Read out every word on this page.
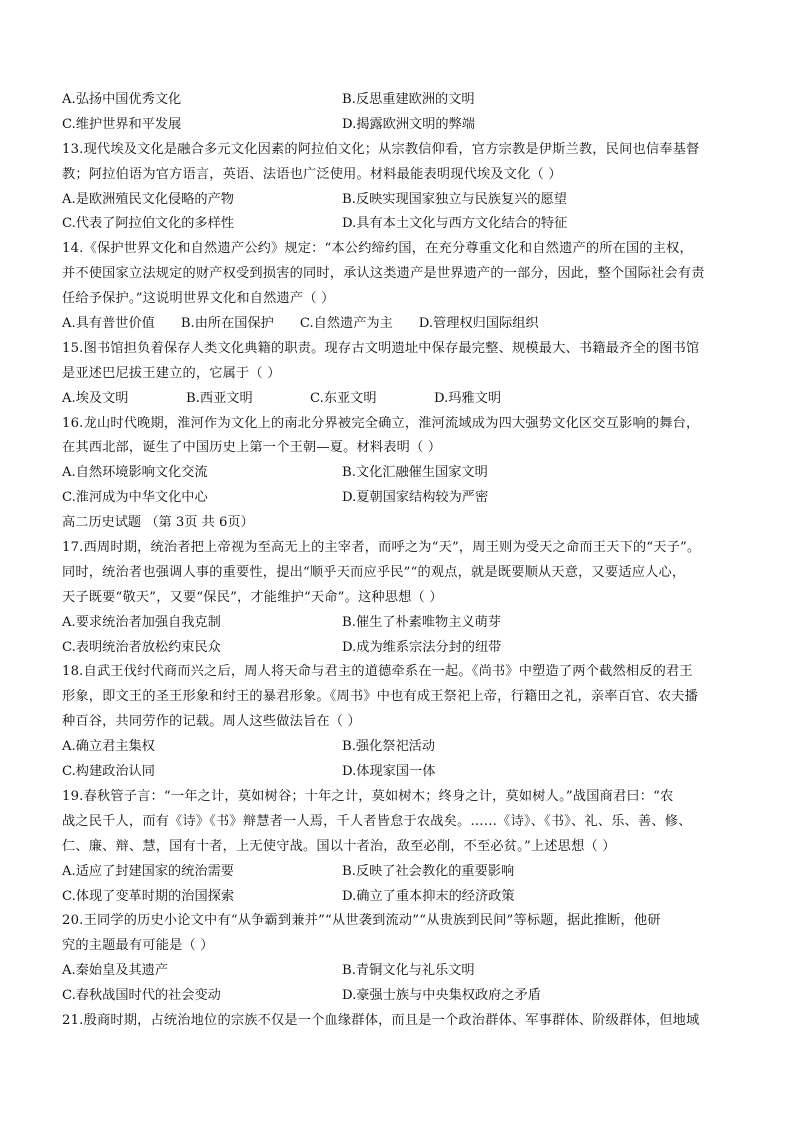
A.弘扬中国优秀文化	B.反思重建欧洲的文明
C.维护世界和平发展	D.揭露欧洲文明的弊端
13.现代埃及文化是融合多元文化因素的阿拉伯文化；从宗教信仰看，官方宗教是伊斯兰教，民间也信奉基督
教；阿拉伯语为官方语言，英语、法语也广泛使用。材料最能表明现代埃及文化（ ）
A.是欧洲殖民文化侵略的产物	B.反映实现国家独立与民族复兴的愿望
C.代表了阿拉伯文化的多样性	D.具有本土文化与西方文化结合的特征
14.《保护世界文化和自然遗产公约》规定：“本公约缔约国，在充分尊重文化和自然遗产的所在国的主权，
并不使国家立法规定的财产权受到损害的同时，承认这类遗产是世界遗产的一部分，因此，整个国际社会有责
任给予保护。”这说明世界文化和自然遗产（ ）
A.具有普世价值 B.由所在国保护 C.自然遗产为主 D.管理权归国际组织
15.图书馆担负着保存人类文化典籍的职责。现存古文明遗址中保存最完整、规模最大、书籍最齐全的图书馆
是亚述巴尼拔王建立的，它属于（ ）
A.埃及文明	B.西亚文明	C.东亚文明	D.玛雅文明
16.龙山时代晚期，淮河作为文化上的南北分界被完全确立，淮河流域成为四大强势文化区交互影响的舞台，
在其西北部，诞生了中国历史上第一个王朝—夏。材料表明（ ）
A.自然环境影响文化交流	B.文化汇融催生国家文明
C.淮河成为中华文化中心	D.夏朝国家结构较为严密
高二历史试题 （第 3页 共 6页）
17.西周时期，统治者把上帝视为至高无上的主宰者，而呼之为“天”，周王则为受天之命而王天下的“天子”。
同时，统治者也强调人事的重要性，提出“顺乎天而应乎民”“的观点，就是既要顺从天意，又要适应人心，
天子既要“敬天”，又要“保民”，才能维护“天命”。这种思想（ ）
A.要求统治者加强自我克制	B.催生了朴素唯物主义萌芽
C.表明统治者放松约束民众	D.成为维系宗法分封的纽带
18.自武王伐纣代商而兴之后，周人将天命与君主的道德牵系在一起。《尚书》中塑造了两个截然相反的君王
形象，即文王的圣王形象和纣王的暴君形象。《周书》中也有成王祭祀上帝，行籍田之礼，亲率百官、农夫播
种百谷，共同劳作的记载。周人这些做法旨在（ ）
A.确立君主集权	B.强化祭祀活动
C.构建政治认同	D.体现家国一体
19.春秋管子言：“一年之计，莫如树谷；十年之计，莫如树木；终身之计，莫如树人。”战国商君曰：“农
战之民千人，而有《诗》《书》辩慧者一人焉，千人者皆怠于农战矣。……《诗》、《书》、礼、乐、善、修、
仁、廉、辩、慧，国有十者，上无使守战。国以十者治，敌至必削，不至必贫。”上述思想（ ）
A.适应了封建国家的统治需要	B.反映了社会教化的重要影响
C.体现了变革时期的治国探索	D.确立了重本抑末的经济政策
20.王同学的历史小论文中有“从争霸到兼并”“从世袭到流动”“从贵族到民间”等标题，据此推断，他研
究的主题最有可能是（ ）
A.秦始皇及其遗产	B.青铜文化与礼乐文明
C.春秋战国时代的社会变动	D.豪强士族与中央集权政府之矛盾
21.殷商时期，占统治地位的宗族不仅是一个血缘群体，而且是一个政治群体、军事群体、阶级群体，但地域
